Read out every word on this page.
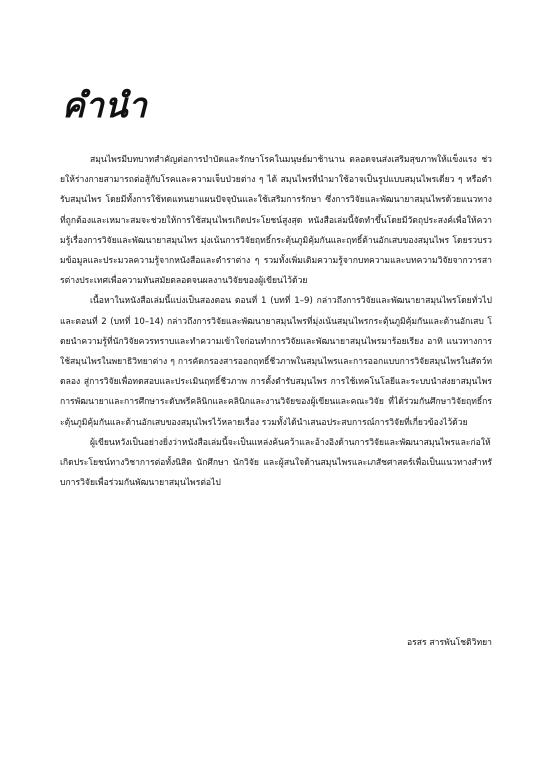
คำนำ

สมุนไพรมีบทบาทสำคัญต่อการบำบัดและรักษาโรคในมนุษย์มาช้านาน ตลอดจนส่งเสริมสุขภาพให้แข็งแรง ช่วยให้ร่างกายสามารถต่อสู้กับโรคและความเจ็บป่วยต่าง ๆ ได้ สมุนไพรที่นำมาใช้อาจเป็นรูปแบบสมุนไพรเดี่ยว ๆ หรือตำรับสมุนไพร โดยมีทั้งการใช้ทดแทนยาแผนปัจจุบันและใช้เสริมการรักษา ซึ่งการวิจัยและพัฒนายาสมุนไพรด้วยแนวทางที่ถูกต้องและเหมาะสมจะช่วยให้การใช้สมุนไพรเกิดประโยชน์สูงสุด หนังสือเล่มนี้จัดทำขึ้นโดยมีวัตถุประสงค์เพื่อให้ความรู้เรื่องการวิจัยและพัฒนายาสมุนไพร มุ่งเน้นการวิจัยฤทธิ์กระตุ้นภูมิคุ้มกันและฤทธิ์ต้านอักเสบของสมุนไพร โดยรวบรวมข้อมูลและประมวลความรู้จากหนังสือและตำราต่าง ๆ รวมทั้งเพิ่มเติมความรู้จากบทความและบทความวิจัยจากวารสารต่างประเทศเพื่อความทันสมัยตลอดจนผลงานวิจัยของผู้เขียนไว้ด้วย

เนื้อหาในหนังสือเล่มนี้แบ่งเป็นสองตอน ตอนที่ 1 (บทที่ 1–9) กล่าวถึงการวิจัยและพัฒนายาสมุนไพรโดยทั่วไป และตอนที่ 2 (บทที่ 10–14) กล่าวถึงการวิจัยและพัฒนายาสมุนไพรที่มุ่งเน้นสมุนไพรกระตุ้นภูมิคุ้มกันและต้านอักเสบ โดยนำความรู้ที่นักวิจัยควรทราบและทำความเข้าใจก่อนทำการวิจัยและพัฒนายาสมุนไพรมาร้อยเรียง อาทิ แนวทางการใช้สมุนไพรในพยาธิวิทยาต่าง ๆ การคัดกรองสารออกฤทธิ์ชีวภาพในสมุนไพรและการออกแบบการวิจัยสมุนไพรในสัตว์ทดลอง สู่การวิจัยเพื่อทดสอบและประเมินฤทธิ์ชีวภาพ การตั้งตำรับสมุนไพร การใช้เทคโนโลยีและระบบนำส่งยาสมุนไพร การพัฒนายาและการศึกษาระดับพรีคลินิกและคลินิกและงานวิจัยของผู้เขียนและคณะวิจัย ที่ได้ร่วมกันศึกษาวิจัยฤทธิ์กระตุ้นภูมิคุ้มกันและต้านอักเสบของสมุนไพรไว้หลายเรื่อง รวมทั้งได้นำเสนอประสบการณ์การวิจัยที่เกี่ยวข้องไว้ด้วย

ผู้เขียนหวังเป็นอย่างยิ่งว่าหนังสือเล่มนี้จะเป็นแหล่งค้นคว้าและอ้างอิงด้านการวิจัยและพัฒนาสมุนไพรและก่อให้เกิดประโยชน์ทางวิชาการต่อทั้งนิสิต นักศึกษา นักวิจัย และผู้สนใจด้านสมุนไพรและเภสัชศาสตร์เพื่อเป็นแนวทางสำหรับการวิจัยเพื่อร่วมกันพัฒนายาสมุนไพรต่อไป

อรสร สารพันโชติวิทยา
